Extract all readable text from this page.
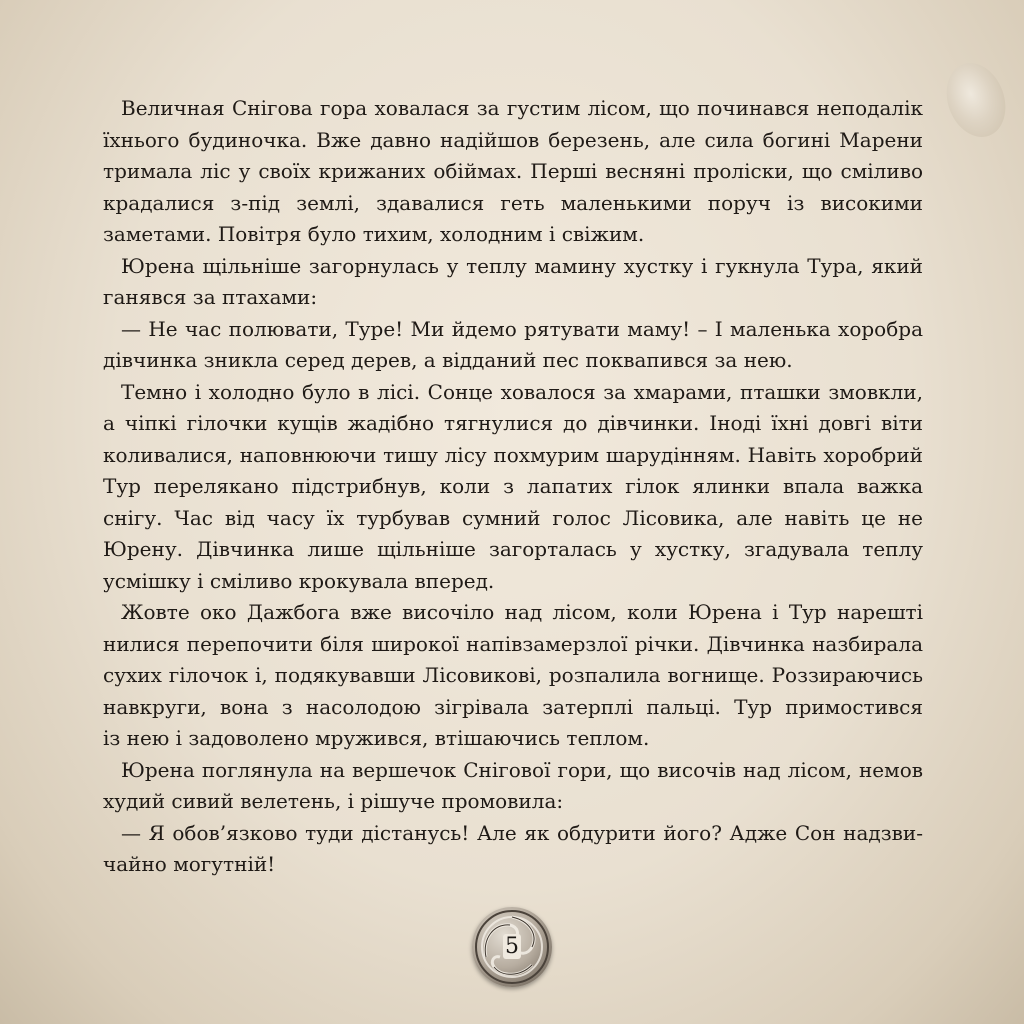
Величная Снігова гора ховалася за густим лісом, що починався неподалік
їхнього будиночка. Вже давно надійшов березень, але сила богині Марени
тримала ліс у своїх крижаних обіймах. Перші весняні проліски, що сміливо
крадалися з-під землі, здавалися геть маленькими поруч із високими
заметами. Повітря було тихим, холодним і свіжим.
Юрена щільніше загорнулась у теплу мамину хустку і гукнула Тура, який
ганявся за птахами:
— Не час полювати, Туре! Ми йдемо рятувати маму! – І маленька хоробра
дівчинка зникла серед дерев, а відданий пес поквапився за нею.
Темно і холодно було в лісі. Сонце ховалося за хмарами, пташки змовкли,
а чіпкі гілочки кущів жадібно тягнулися до дівчинки. Іноді їхні довгі віти
коливалися, наповнюючи тишу лісу похмурим шарудінням. Навіть хоробрий
Тур перелякано підстрибнув, коли з лапатих гілок ялинки впала важка
снігу. Час від часу їх турбував сумний голос Лісовика, але навіть це не
Юрену. Дівчинка лише щільніше загорталась у хустку, згадувала теплу
усмішку і сміливо крокувала вперед.
Жовте око Дажбога вже височіло над лісом, коли Юрена і Тур нарешті
нилися перепочити біля широкої напівзамерзлої річки. Дівчинка назбирала
сухих гілочок і, подякувавши Лісовикові, розпалила вогнище. Роззираючись
навкруги, вона з насолодою зігрівала затерплі пальці. Тур примостився
із нею і задоволено мружився, втішаючись теплом.
Юрена поглянула на вершечок Снігової гори, що височів над лісом, немов
худий сивий велетень, і рішуче промовила:
— Я обов’язково туди дістанусь! Але як обдурити його? Адже Сон надзви-
чайно могутній!
5
